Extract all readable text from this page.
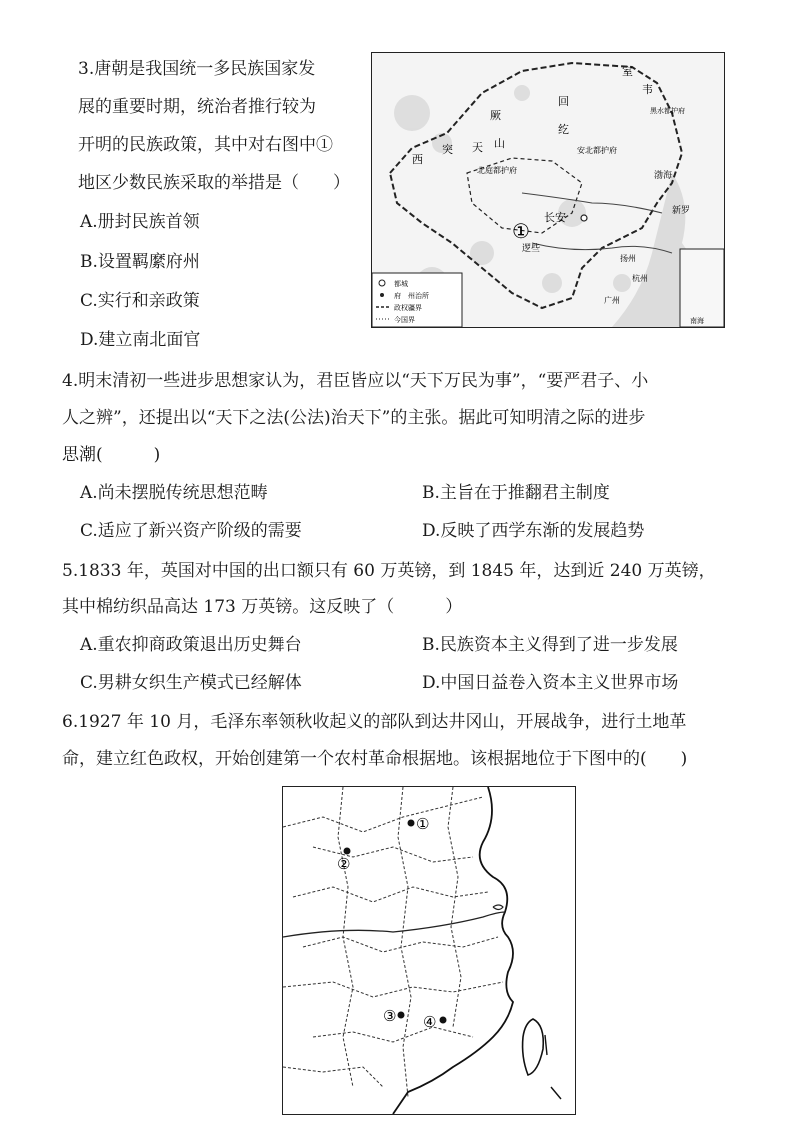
3.唐朝是我国统一多民族国家发
展的重要时期，统治者推行较为
开明的民族政策，其中对右图中①
地区少数民族采取的举措是（　　）
A.册封民族首领
B.设置羁縻府州
C.实行和亲政策
D.建立南北面官
回
纥
西
突 天 山
厥
室
韦
安北都护府
北庭都护府
黑水都护府
渤海
新罗
长安
①
逻些
扬州
杭州
广州
南海
都城
府　州治所
政权疆界
今国界
4.明末清初一些进步思想家认为，君臣皆应以“天下万民为事”，“要严君子、小
人之辨”，还提出以“天下之法(公法)治天下”的主张。据此可知明清之际的进步
思潮(　　　)
A.尚未摆脱传统思想范畴	B.主旨在于推翻君主制度
C.适应了新兴资产阶级的需要	D.反映了西学东渐的发展趋势
5.1833 年，英国对中国的出口额只有 60 万英镑，到 1845 年，达到近 240 万英镑，
其中棉纺织品高达 173 万英镑。这反映了（　　　）
A.重农抑商政策退出历史舞台	B.民族资本主义得到了进一步发展
C.男耕女织生产模式已经解体	D.中国日益卷入资本主义世界市场
6.1927 年 10 月，毛泽东率领秋收起义的部队到达井冈山，开展战争，进行土地革
命，建立红色政权，开始创建第一个农村革命根据地。该根据地位于下图中的(　　)
①
②
③ ④
